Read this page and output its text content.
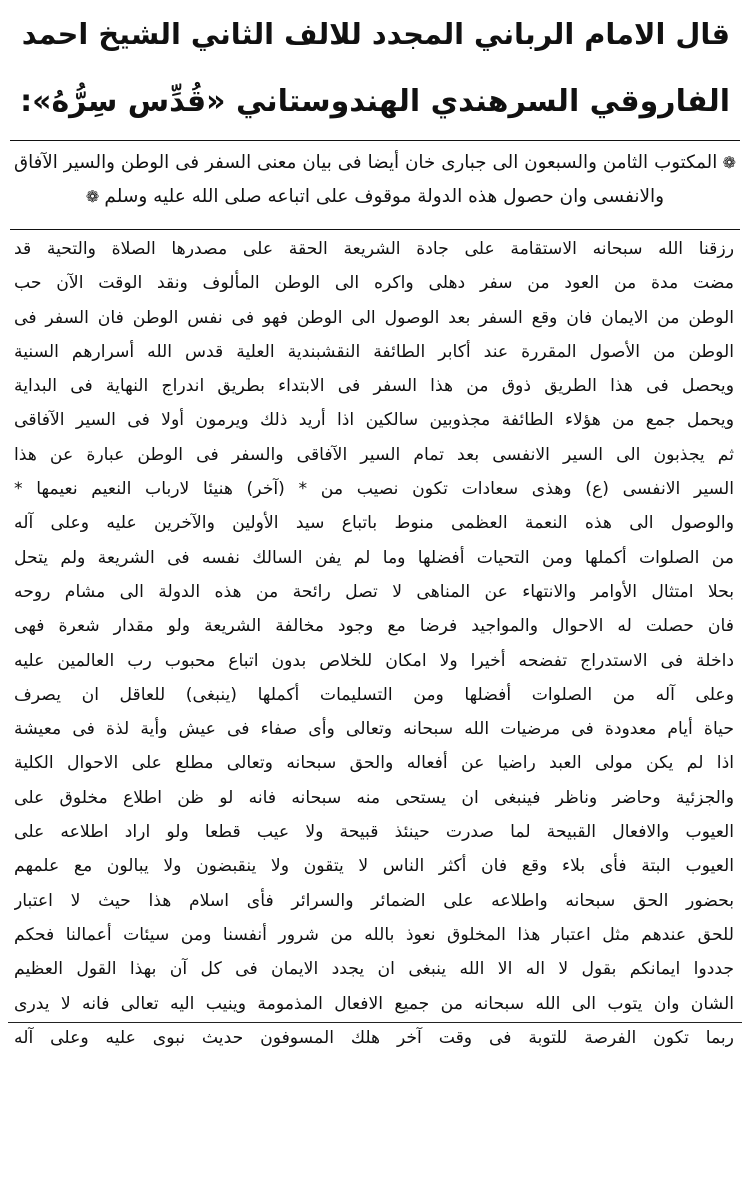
قال الامام الرباني المجدد للالف الثاني الشيخ احمد
الفاروقي السرهندي الهندوستاني «قُدِّس سِرُّهُ»:
❁ المكتوب الثامن والسبعون الى جبارى خان أيضا فى بيان معنى السفر فى الوطن والسير الآفاق
والانفسى وان حصول هذه الدولة موقوف على اتباعه صلى الله عليه وسلم ❁
رزقنا الله سبحانه الاستقامة على جادة الشريعة الحقة على مصدرها الصلاة والتحية قد
مضت مدة من العود من سفر دهلى واكره الى الوطن المألوف ونقد الوقت الآن حب
الوطن من الايمان فان وقع السفر بعد الوصول الى الوطن فهو فى نفس الوطن فان السفر فى
الوطن من الأصول المقررة عند أكابر الطائفة النقشبندية العلية قدس الله أسرارهم السنية
ويحصل فى هذا الطريق ذوق من هذا السفر فى الابتداء بطريق اندراج النهاية فى البداية
ويحمل جمع من هؤلاء الطائفة مجذوبين سالكين اذا أريد ذلك ويرمون أولا فى السير الآفاقى
ثم يجذبون الى السير الانفسى بعد تمام السير الآفاقى والسفر فى الوطن عبارة عن هذا
السير الانفسى (ع) وهذى سعادات تكون نصيب من * (آخر) هنيئا لارباب النعيم نعيمها *
والوصول الى هذه النعمة العظمى منوط باتباع سيد الأولين والآخرين عليه وعلى آله
من الصلوات أكملها ومن التحيات أفضلها وما لم يفن السالك نفسه فى الشريعة ولم يتحل
بحلا امتثال الأوامر والانتهاء عن المناهى لا تصل رائحة من هذه الدولة الى مشام روحه
فان حصلت له الاحوال والمواجيد فرضا مع وجود مخالفة الشريعة ولو مقدار شعرة فهى
داخلة فى الاستدراج تفضحه أخيرا ولا امكان للخلاص بدون اتباع محبوب رب العالمين عليه
وعلى آله من الصلوات أفضلها ومن التسليمات أكملها (ينبغى) للعاقل ان يصرف
حياة أيام معدودة فى مرضيات الله سبحانه وتعالى وأى صفاء فى عيش وأية لذة فى معيشة
اذا لم يكن مولى العبد راضيا عن أفعاله والحق سبحانه وتعالى مطلع على الاحوال الكلية
والجزئية وحاضر وناظر فينبغى ان يستحى منه سبحانه فانه لو ظن اطلاع مخلوق على
العيوب والافعال القبيحة لما صدرت حينئذ قبيحة ولا عيب قطعا ولو اراد اطلاعه على
العيوب البتة فأى بلاء وقع فان أكثر الناس لا يتقون ولا ينقبضون ولا يبالون مع علمهم
بحضور الحق سبحانه واطلاعه على الضمائر والسرائر فأى اسلام هذا حيث لا اعتبار
للحق عندهم مثل اعتبار هذا المخلوق نعوذ بالله من شرور أنفسنا ومن سيئات أعمالنا فحكم
جددوا ايمانكم بقول لا اله الا الله ينبغى ان يجدد الايمان فى كل آن بهذا القول العظيم
الشان وان يتوب الى الله سبحانه من جميع الافعال المذمومة وينيب اليه تعالى فانه لا يدرى
ربما تكون الفرصة للتوبة فى وقت آخر هلك المسوفون حديث نبوى عليه وعلى آله
